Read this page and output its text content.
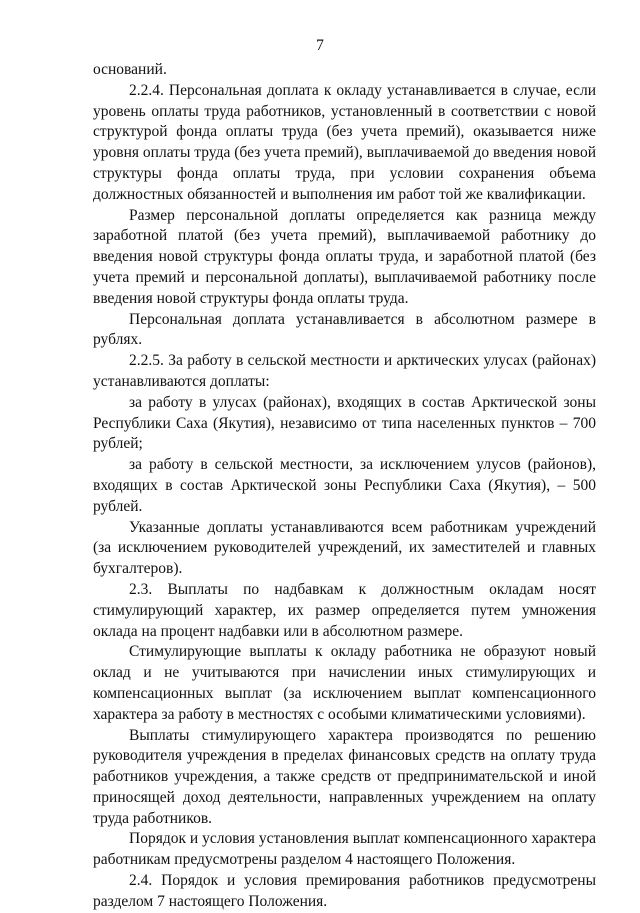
7

оснований.

2.2.4. Персональная доплата к окладу устанавливается в случае, если уровень оплаты труда работников, установленный в соответствии с новой структурой фонда оплаты труда (без учета премий), оказывается ниже уровня оплаты труда (без учета премий), выплачиваемой до введения новой структуры фонда оплаты труда, при условии сохранения объема должностных обязанностей и выполнения им работ той же квалификации.

Размер персональной доплаты определяется как разница между заработной платой (без учета премий), выплачиваемой работнику до введения новой структуры фонда оплаты труда, и заработной платой (без учета премий и персональной доплаты), выплачиваемой работнику после введения новой структуры фонда оплаты труда.

Персональная доплата устанавливается в абсолютном размере в рублях.

2.2.5. За работу в сельской местности и арктических улусах (районах) устанавливаются доплаты:

за работу в улусах (районах), входящих в состав Арктической зоны Республики Саха (Якутия), независимо от типа населенных пунктов – 700 рублей;

за работу в сельской местности, за исключением улусов (районов), входящих в состав Арктической зоны Республики Саха (Якутия), – 500 рублей.

Указанные доплаты устанавливаются всем работникам учреждений (за исключением руководителей учреждений, их заместителей и главных бухгалтеров).

2.3. Выплаты по надбавкам к должностным окладам носят стимулирующий характер, их размер определяется путем умножения оклада на процент надбавки или в абсолютном размере.

Стимулирующие выплаты к окладу работника не образуют новый оклад и не учитываются при начислении иных стимулирующих и компенсационных выплат (за исключением выплат компенсационного характера за работу в местностях с особыми климатическими условиями).

Выплаты стимулирующего характера производятся по решению руководителя учреждения в пределах финансовых средств на оплату труда работников учреждения, а также средств от предпринимательской и иной приносящей доход деятельности, направленных учреждением на оплату труда работников.

Порядок и условия установления выплат компенсационного характера работникам предусмотрены разделом 4 настоящего Положения.

2.4. Порядок и условия премирования работников предусмотрены разделом 7 настоящего Положения.
